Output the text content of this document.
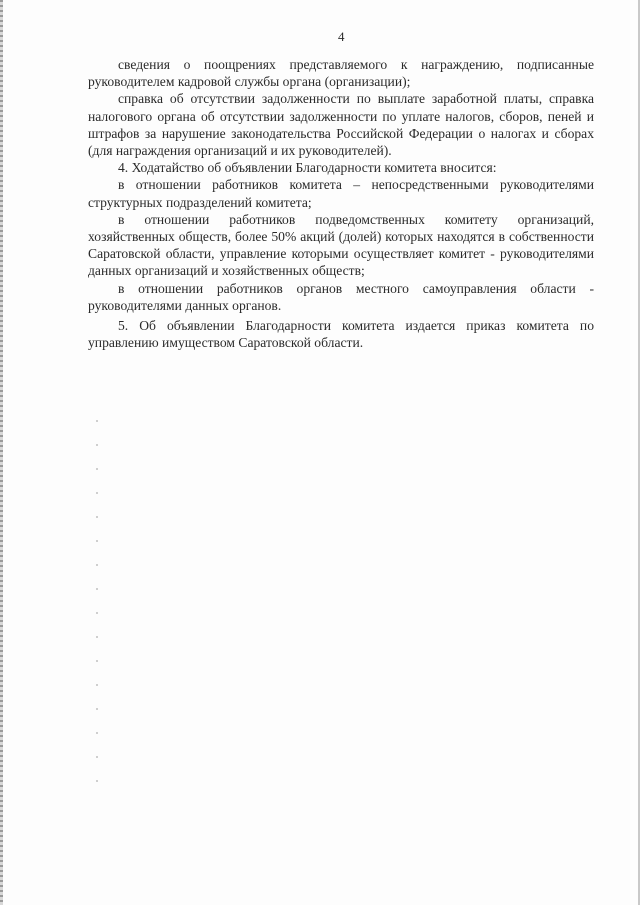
4

сведения о поощрениях представляемого к награждению, подписанные руководителем кадровой службы органа (организации);

справка об отсутствии задолженности по выплате заработной платы, справка налогового органа об отсутствии задолженности по уплате налогов, сборов, пеней и штрафов за нарушение законодательства Российской Федерации о налогах и сборах (для награждения организаций и их руководителей).

4. Ходатайство об объявлении Благодарности комитета вносится:

в отношении работников комитета – непосредственными руководителями структурных подразделений комитета;

в отношении работников подведомственных комитету организаций, хозяйственных обществ, более 50% акций (долей) которых находятся в собственности Саратовской области, управление которыми осуществляет комитет - руководителями данных организаций и хозяйственных обществ;

в отношении работников органов местного самоуправления области - руководителями данных органов.

5. Об объявлении Благодарности комитета издается приказ комитета по управлению имуществом Саратовской области.
